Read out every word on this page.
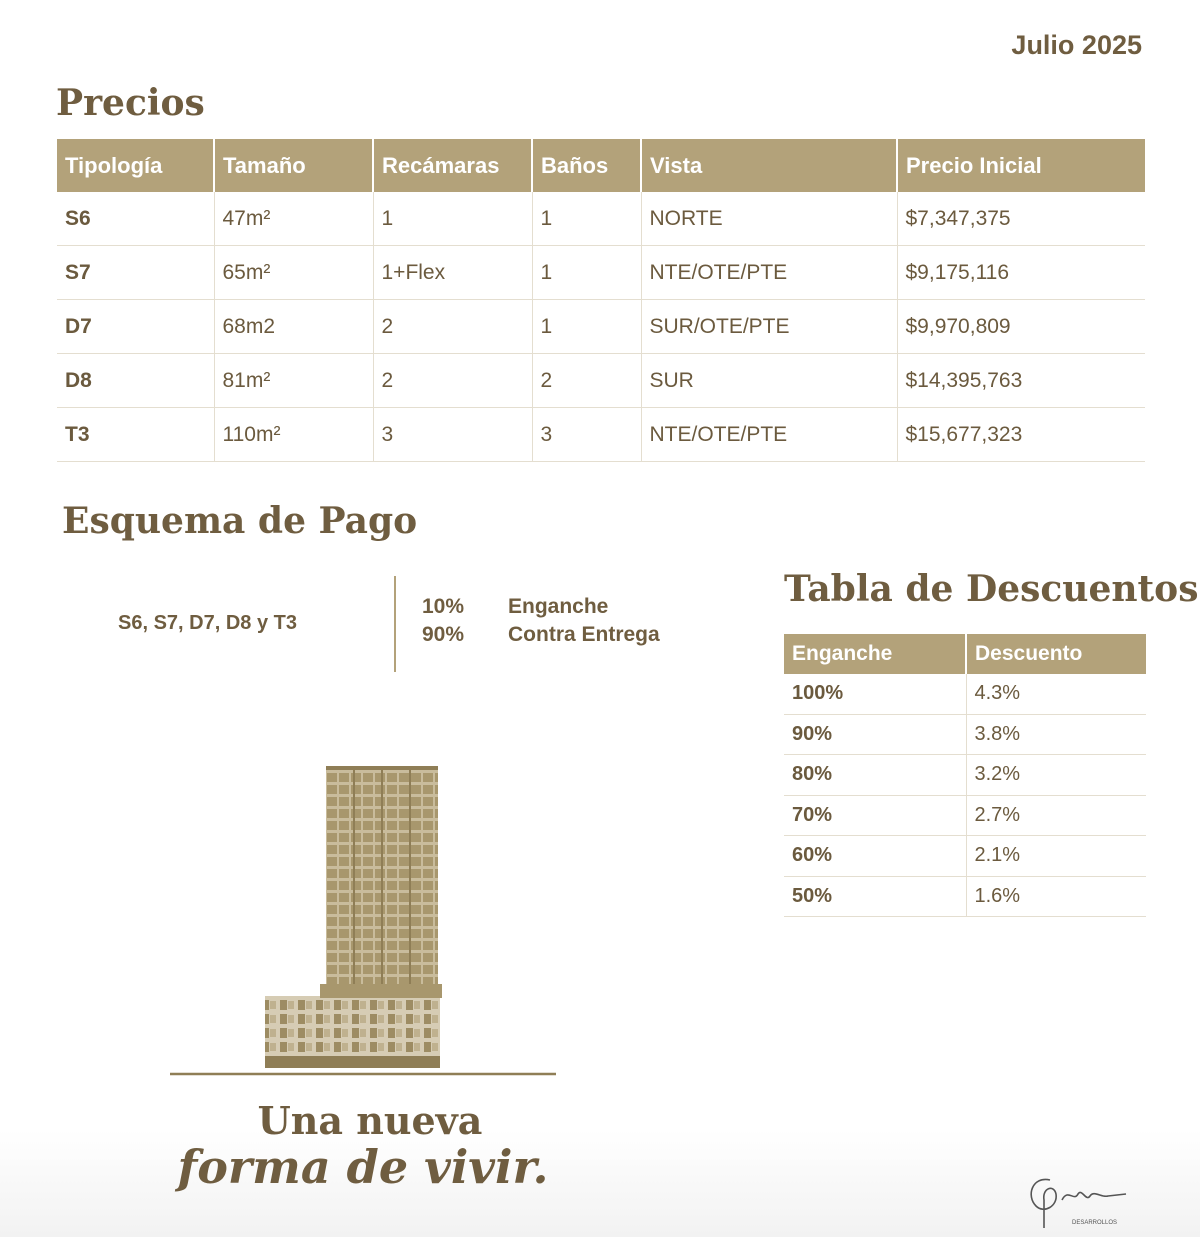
Julio 2025
Precios
Tipología	Tamaño	Recámaras	Baños	Vista	Precio Inicial
S6	47m²	1	1	NORTE	$7,347,375
S7	65m²	1+Flex	1	NTE/OTE/PTE	$9,175,116
D7	68m2	2	1	SUR/OTE/PTE	$9,970,809
D8	81m²	2	2	SUR	$14,395,763
T3	110m²	3	3	NTE/OTE/PTE	$15,677,323
Esquema de Pago
S6, S7, D7, D8 y T3
10%	Enganche
90%	Contra Entrega
Tabla de Descuentos
Enganche	Descuento
100%	4.3%
90%	3.8%
80%	3.2%
70%	2.7%
60%	2.1%
50%	1.6%
Una nueva
forma de vivir.
DESARROLLOS
